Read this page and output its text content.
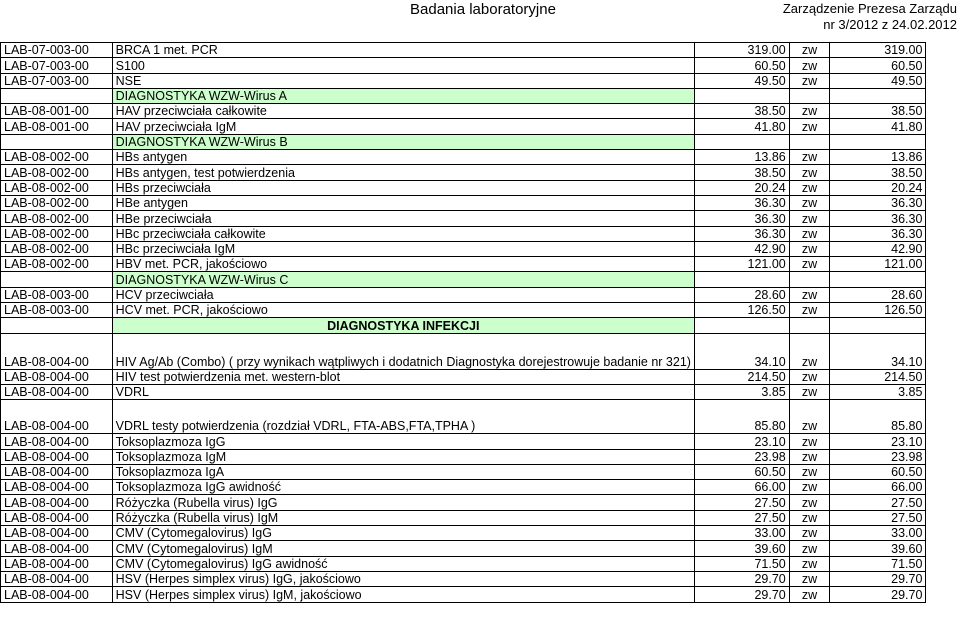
Badania laboratoryjne	Zarządzenie Prezesa Zarządu
nr 3/2012 z 24.02.2012
LAB-07-003-00	BRCA 1 met. PCR	319.00	zw	319.00	
LAB-07-003-00	S100	60.50	zw	60.50	
LAB-07-003-00	NSE	49.50	zw	49.50	
	DIAGNOSTYKA WZW-Wirus A				
LAB-08-001-00	HAV przeciwciała całkowite	38.50	zw	38.50	
LAB-08-001-00	HAV przeciwciała IgM	41.80	zw	41.80	
	DIAGNOSTYKA WZW-Wirus B				
LAB-08-002-00	HBs antygen	13.86	zw	13.86	
LAB-08-002-00	HBs antygen, test potwierdzenia	38.50	zw	38.50	
LAB-08-002-00	HBs przeciwciała	20.24	zw	20.24	
LAB-08-002-00	HBe antygen	36.30	zw	36.30	
LAB-08-002-00	HBe przeciwciała	36.30	zw	36.30	
LAB-08-002-00	HBc przeciwciała całkowite	36.30	zw	36.30	
LAB-08-002-00	HBc przeciwciała IgM	42.90	zw	42.90	
LAB-08-002-00	HBV met. PCR, jakościowo	121.00	zw	121.00	
	DIAGNOSTYKA WZW-Wirus C				
LAB-08-003-00	HCV przeciwciała	28.60	zw	28.60	
LAB-08-003-00	HCV met. PCR, jakościowo	126.50	zw	126.50	
	DIAGNOSTYKA INFEKCJI				
LAB-08-004-00	HIV Ag/Ab (Combo) ( przy wynikach wątpliwych i dodatnich Diagnostyka dorejestrowuje badanie nr 321)	34.10	zw	34.10	
LAB-08-004-00	HIV test potwierdzenia met. western-blot	214.50	zw	214.50	
LAB-08-004-00	VDRL	3.85	zw	3.85	
LAB-08-004-00	VDRL testy potwierdzenia (rozdział VDRL, FTA-ABS,FTA,TPHA )	85.80	zw	85.80	
LAB-08-004-00	Toksoplazmoza IgG	23.10	zw	23.10	
LAB-08-004-00	Toksoplazmoza IgM	23.98	zw	23.98	
LAB-08-004-00	Toksoplazmoza IgA	60.50	zw	60.50	
LAB-08-004-00	Toksoplazmoza IgG awidność	66.00	zw	66.00	
LAB-08-004-00	Różyczka (Rubella virus) IgG	27.50	zw	27.50	
LAB-08-004-00	Różyczka (Rubella virus) IgM	27.50	zw	27.50	
LAB-08-004-00	CMV (Cytomegalovirus) IgG	33.00	zw	33.00	
LAB-08-004-00	CMV (Cytomegalovirus) IgM	39.60	zw	39.60	
LAB-08-004-00	CMV (Cytomegalovirus) IgG awidność	71.50	zw	71.50	
LAB-08-004-00	HSV (Herpes simplex virus) IgG, jakościowo	29.70	zw	29.70	
LAB-08-004-00	HSV (Herpes simplex virus) IgM, jakościowo	29.70	zw	29.70	
